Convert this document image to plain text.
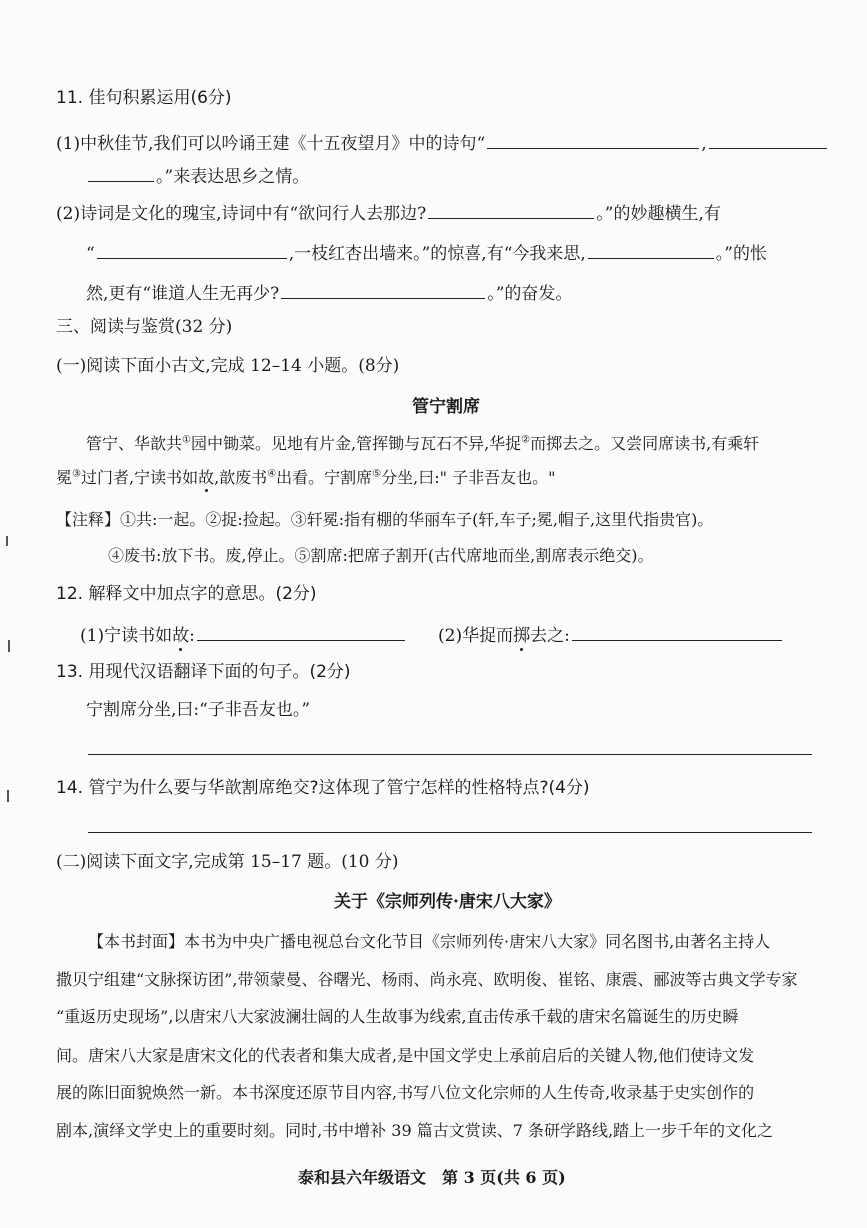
11. 佳句积累运用(6分)
(1)中秋佳节,我们可以吟诵王建《十五夜望月》中的诗句“	,
。”来表达思乡之情。
(2)诗词是文化的瑰宝,诗词中有“欲问行人去那边?	。”的妙趣横生,有
“	,一枝红杏出墙来。”的惊喜,有“今我来思,	。”的怅
然,更有“谁道人生无再少?	。”的奋发。
三、阅读与鉴赏(32 分)
(一)阅读下面小古文,完成 12–14 小题。(8分)
管宁割席
管宁、华歆共①园中锄菜。见地有片金,管挥锄与瓦石不异,华捉②而掷去之。又尝同席读书,有乘轩
冕③过门者,宁读书如故,歆废书④出看。宁割席⑤分坐,曰:" 子非吾友也。"
【注释】①共:一起。②捉:捡起。③轩冕:指有棚的华丽车子(轩,车子;冕,帽子,这里代指贵官)。
④废书:放下书。废,停止。⑤割席:把席子割开(古代席地而坐,割席表示绝交)。
12. 解释文中加点字的意思。(2分)
(1)宁读书如故:	(2)华捉而掷去之:
13. 用现代汉语翻译下面的句子。(2分)
宁割席分坐,曰:“子非吾友也。”
14. 管宁为什么要与华歆割席绝交?这体现了管宁怎样的性格特点?(4分)
(二)阅读下面文字,完成第 15–17 题。(10 分)
关于《宗师列传·唐宋八大家》
【本书封面】本书为中央广播电视总台文化节目《宗师列传·唐宋八大家》同名图书,由著名主持人
撒贝宁组建“文脉探访团”,带领蒙曼、谷曙光、杨雨、尚永亮、欧明俊、崔铭、康震、郦波等古典文学专家
“重返历史现场”,以唐宋八大家波澜壮阔的人生故事为线索,直击传承千载的唐宋名篇诞生的历史瞬
间。唐宋八大家是唐宋文化的代表者和集大成者,是中国文学史上承前启后的关键人物,他们使诗文发
展的陈旧面貌焕然一新。本书深度还原节目内容,书写八位文化宗师的人生传奇,收录基于史实创作的
剧本,演绎文学史上的重要时刻。同时,书中增补 39 篇古文赏读、7 条研学路线,踏上一步千年的文化之
泰和县六年级语文　第 3 页(共 6 页)
